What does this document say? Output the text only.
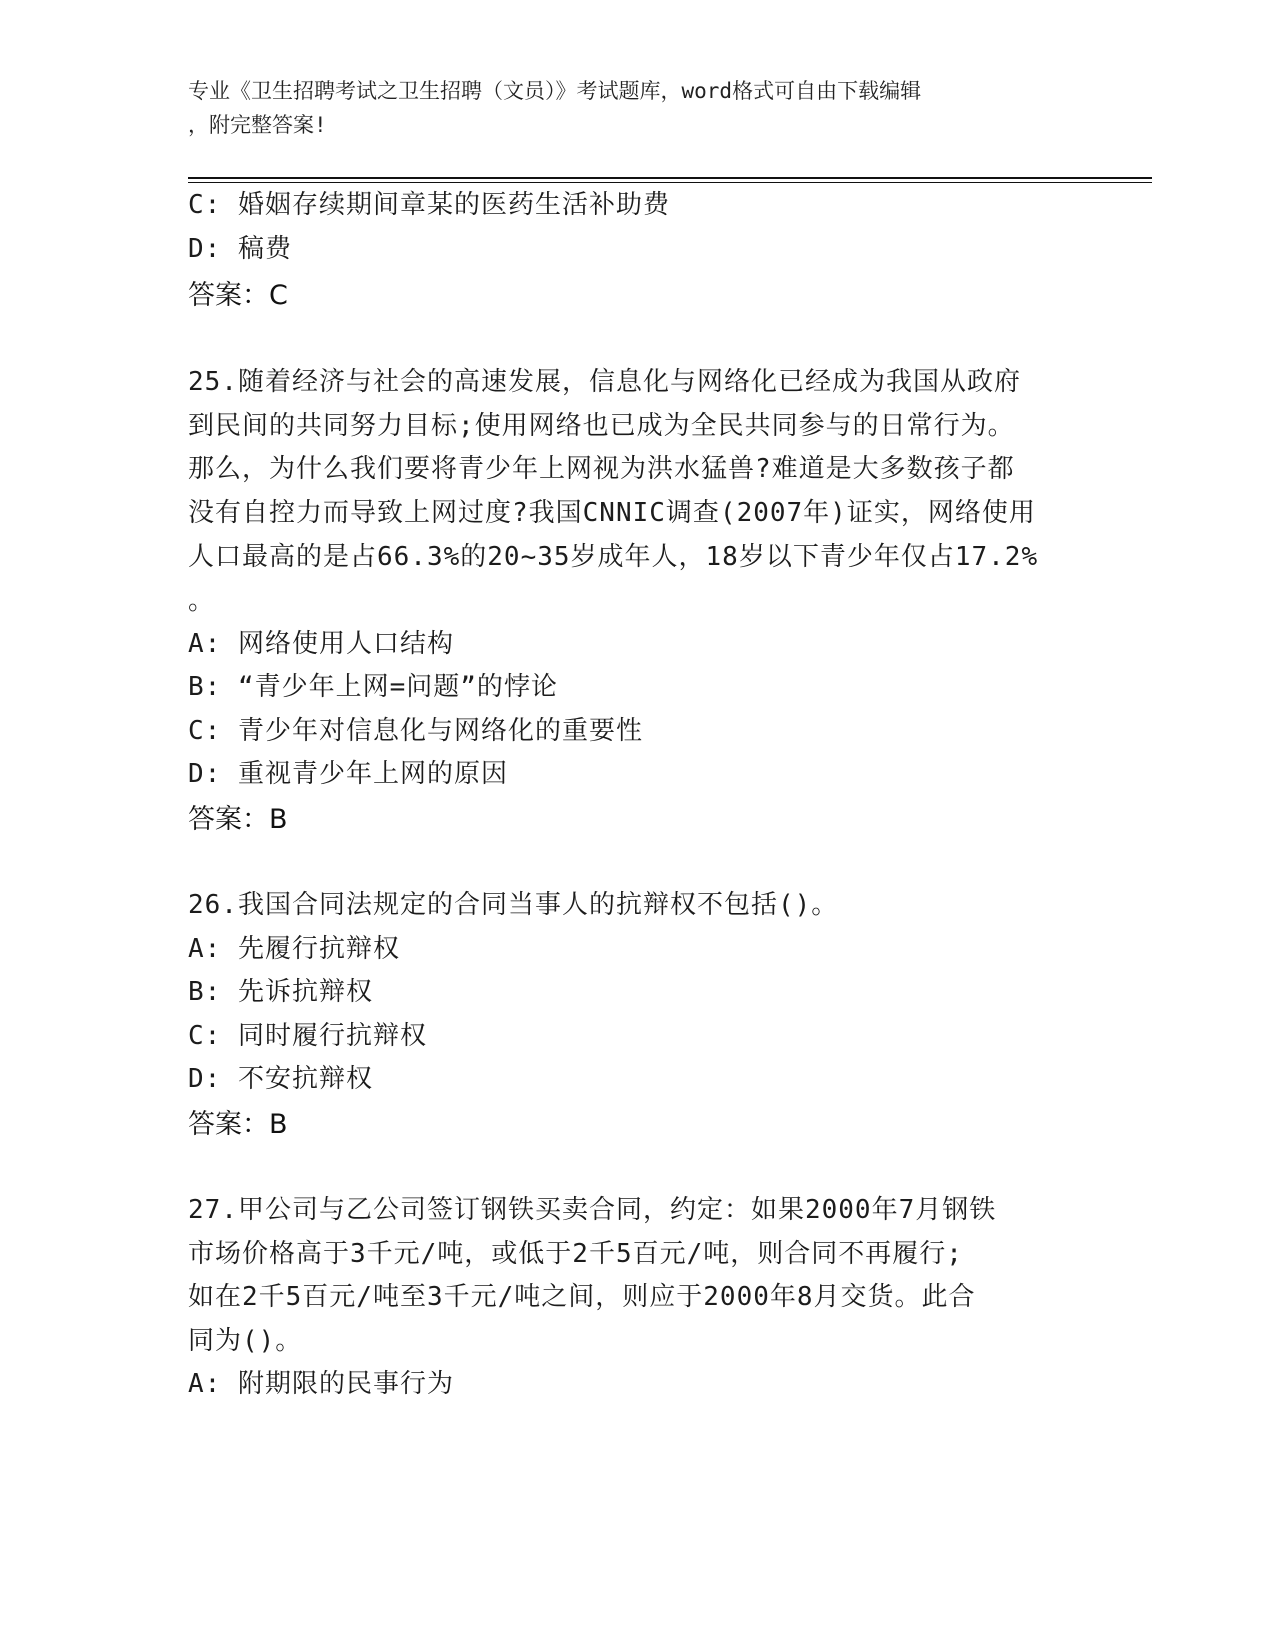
专业《卫生招聘考试之卫生招聘（文员）》考试题库，word格式可自由下载编辑
，附完整答案!
C: 婚姻存续期间章某的医药生活补助费
D: 稿费
答案：C
25.随着经济与社会的高速发展，信息化与网络化已经成为我国从政府
到民间的共同努力目标;使用网络也已成为全民共同参与的日常行为。
那么，为什么我们要将青少年上网视为洪水猛兽?难道是大多数孩子都
没有自控力而导致上网过度?我国CNNIC调查(2007年)证实，网络使用
人口最高的是占66.3%的20~35岁成年人，18岁以下青少年仅占17.2%
。
A: 网络使用人口结构
B: “青少年上网=问题”的悖论
C: 青少年对信息化与网络化的重要性
D: 重视青少年上网的原因
答案：B
26.我国合同法规定的合同当事人的抗辩权不包括()。
A: 先履行抗辩权
B: 先诉抗辩权
C: 同时履行抗辩权
D: 不安抗辩权
答案：B
27.甲公司与乙公司签订钢铁买卖合同，约定：如果2000年7月钢铁
市场价格高于3千元/吨，或低于2千5百元/吨，则合同不再履行;
如在2千5百元/吨至3千元/吨之间，则应于2000年8月交货。此合
同为()。
A: 附期限的民事行为
